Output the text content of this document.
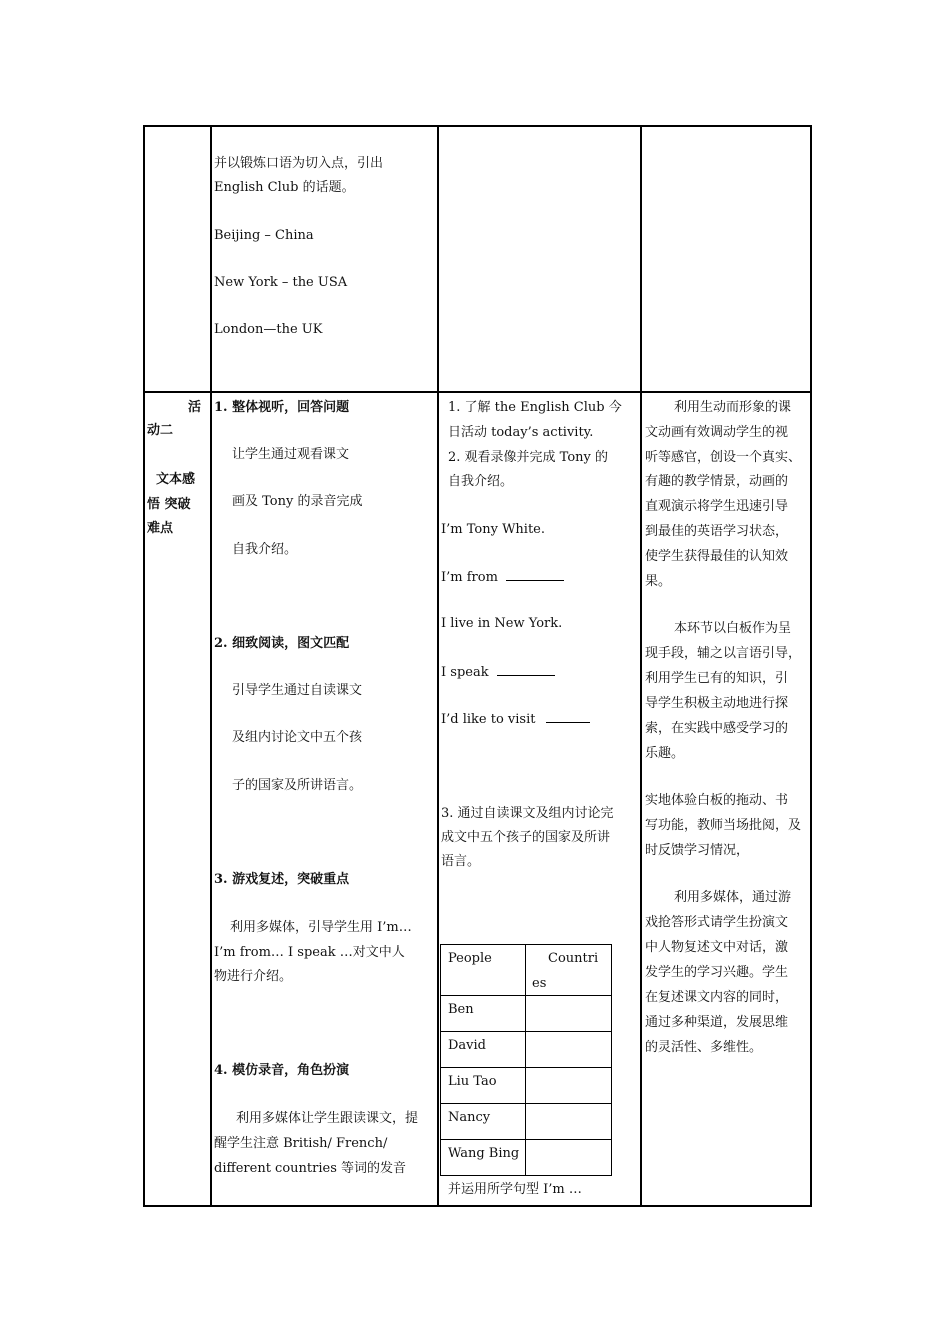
并以锻炼口语为切入点，引出
English Club 的话题。
Beijing – China
New York – the USA
London—the UK
活
动二
文本感
悟 突破
难点
1. 整体视听，回答问题
让学生通过观看课文
画及 Tony 的录音完成
自我介绍。
2. 细致阅读，图文匹配
引导学生通过自读课文
及组内讨论文中五个孩
子的国家及所讲语言。
3. 游戏复述，突破重点
利用多媒体，引导学生用 I’m…
I’m from… I speak …对文中人
物进行介绍。
4. 模仿录音，角色扮演
利用多媒体让学生跟读课文，提
醒学生注意 British/ French/
different countries 等词的发音
1. 了解 the English Club 今
日活动 today’s activity.
2. 观看录像并完成 Tony 的
自我介绍。
I’m Tony White.
I’m from
I live in New York.
I speak
I’d like to visit
3. 通过自读课文及组内讨论完
成文中五个孩子的国家及所讲
语言。
People	Countri
es
Ben
David
Liu Tao
Nancy
Wang Bing
并运用所学句型 I’m …
利用生动而形象的课
文动画有效调动学生的视
听等感官，创设一个真实、
有趣的教学情景，动画的
直观演示将学生迅速引导
到最佳的英语学习状态，
使学生获得最佳的认知效
果。
本环节以白板作为呈
现手段，辅之以言语引导，
利用学生已有的知识，引
导学生积极主动地进行探
索，在实践中感受学习的
乐趣。
实地体验白板的拖动、书
写功能，教师当场批阅，及
时反馈学习情况，
利用多媒体，通过游
戏抢答形式请学生扮演文
中人物复述文中对话，激
发学生的学习兴趣。学生
在复述课文内容的同时，
通过多种渠道，发展思维
的灵活性、多维性。
